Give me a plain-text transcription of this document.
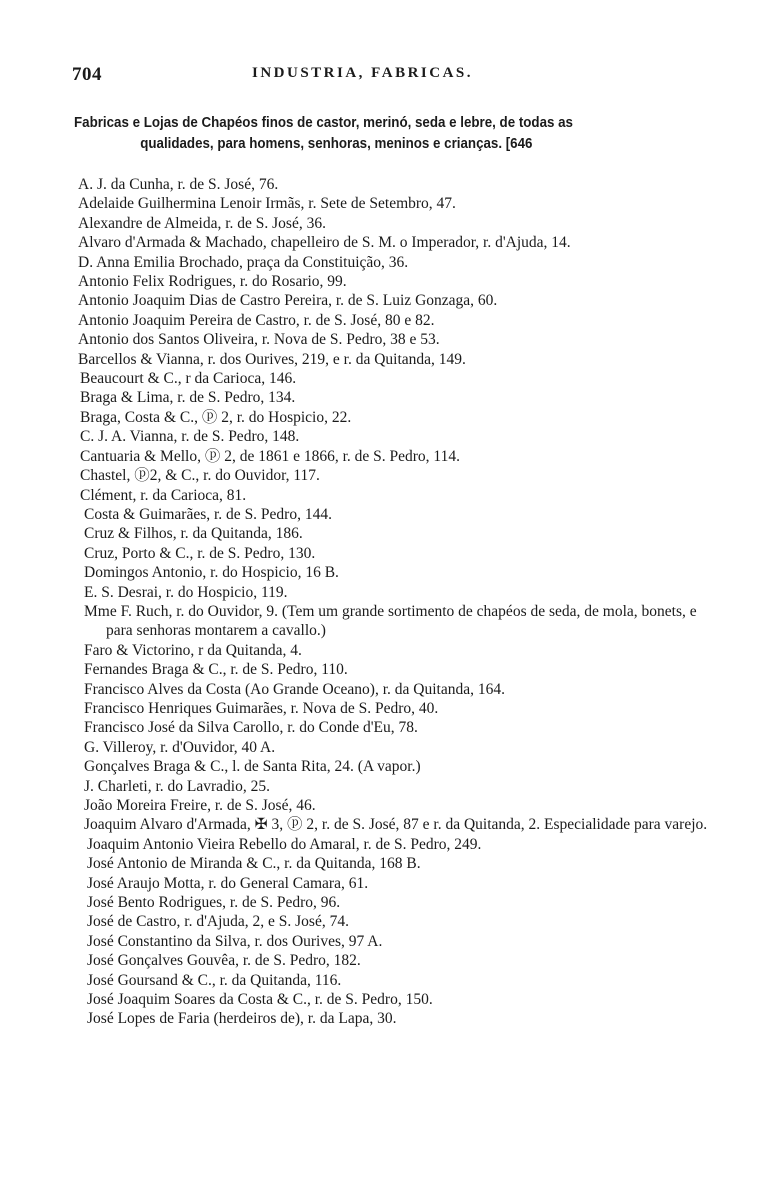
704	INDUSTRIA, FABRICAS.
Fabricas e Lojas de Chapéos finos de castor, merinó, seda e lebre, de todas as
qualidades, para homens, senhoras, meninos e crianças. [646
A. J. da Cunha, r. de S. José, 76.
Adelaide Guilhermina Lenoir Irmãs, r. Sete de Setembro, 47.
Alexandre de Almeida, r. de S. José, 36.
Alvaro d'Armada & Machado, chapelleiro de S. M. o Imperador, r. d'Ajuda, 14.
D. Anna Emilia Brochado, praça da Constituição, 36.
Antonio Felix Rodrigues, r. do Rosario, 99.
Antonio Joaquim Dias de Castro Pereira, r. de S. Luiz Gonzaga, 60.
Antonio Joaquim Pereira de Castro, r. de S. José, 80 e 82.
Antonio dos Santos Oliveira, r. Nova de S. Pedro, 38 e 53.
Barcellos & Vianna, r. dos Ourives, 219, e r. da Quitanda, 149.
Beaucourt & C., r da Carioca, 146.
Braga & Lima, r. de S. Pedro, 134.
Braga, Costa & C., ⓟ 2, r. do Hospicio, 22.
C. J. A. Vianna, r. de S. Pedro, 148.
Cantuaria & Mello, ⓟ 2, de 1861 e 1866, r. de S. Pedro, 114.
Chastel, ⓟ2, & C., r. do Ouvidor, 117.
Clément, r. da Carioca, 81.
Costa & Guimarães, r. de S. Pedro, 144.
Cruz & Filhos, r. da Quitanda, 186.
Cruz, Porto & C., r. de S. Pedro, 130.
Domingos Antonio, r. do Hospicio, 16 B.
E. S. Desrai, r. do Hospicio, 119.
Mme F. Ruch, r. do Ouvidor, 9. (Tem um grande sortimento de chapéos de seda, de mola, bonets, e para senhoras montarem a cavallo.)
Faro & Victorino, r da Quitanda, 4.
Fernandes Braga & C., r. de S. Pedro, 110.
Francisco Alves da Costa (Ao Grande Oceano), r. da Quitanda, 164.
Francisco Henriques Guimarães, r. Nova de S. Pedro, 40.
Francisco José da Silva Carollo, r. do Conde d'Eu, 78.
G. Villeroy, r. d'Ouvidor, 40 A.
Gonçalves Braga & C., l. de Santa Rita, 24. (A vapor.)
J. Charleti, r. do Lavradio, 25.
João Moreira Freire, r. de S. José, 46.
Joaquim Alvaro d'Armada, ✠ 3, ⓟ 2, r. de S. José, 87 e r. da Quitanda, 2. Especialidade para varejo.
Joaquim Antonio Vieira Rebello do Amaral, r. de S. Pedro, 249.
José Antonio de Miranda & C., r. da Quitanda, 168 B.
José Araujo Motta, r. do General Camara, 61.
José Bento Rodrigues, r. de S. Pedro, 96.
José de Castro, r. d'Ajuda, 2, e S. José, 74.
José Constantino da Silva, r. dos Ourives, 97 A.
José Gonçalves Gouvêa, r. de S. Pedro, 182.
José Goursand & C., r. da Quitanda, 116.
José Joaquim Soares da Costa & C., r. de S. Pedro, 150.
José Lopes de Faria (herdeiros de), r. da Lapa, 30.
